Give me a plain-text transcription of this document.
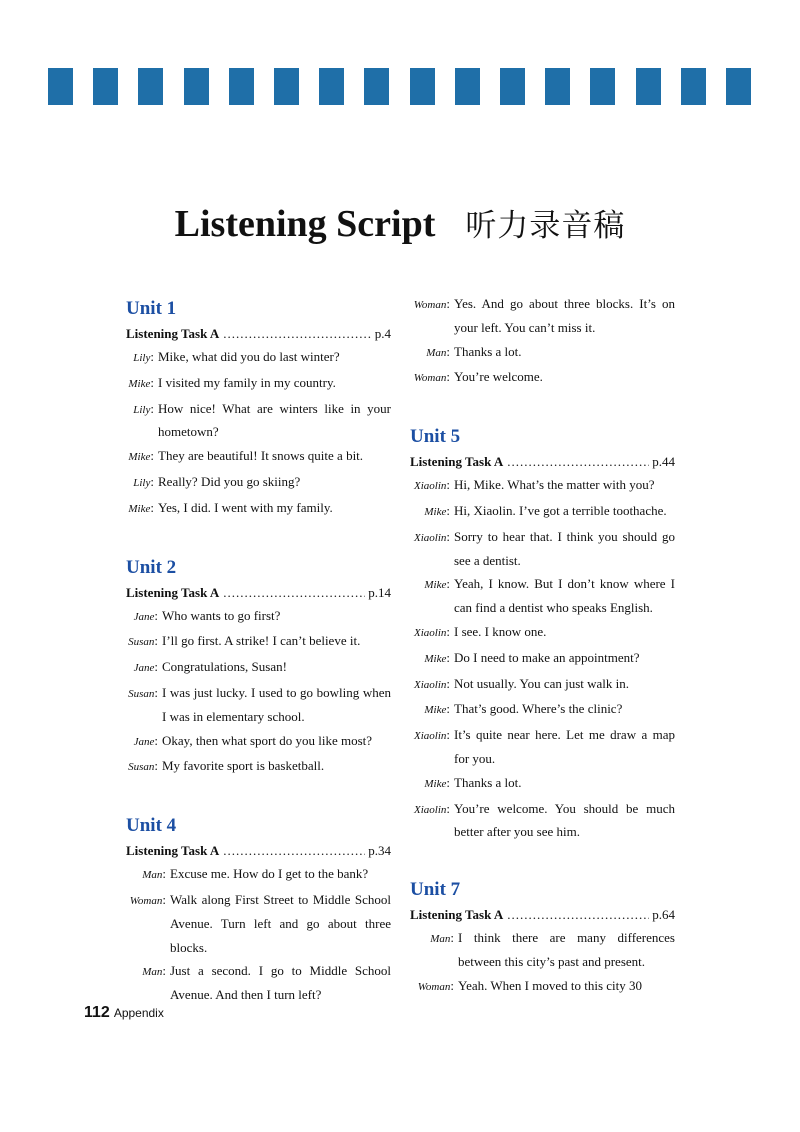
Listening Script 听力录音稿
Unit 1
Listening Task A .....	p.4
Lily : Mike, what did you do last winter?
Mike : I visited my family in my country.
Lily : How nice! What are winters like in your hometown?
Mike : They are beautiful! It snows quite a bit.
Lily : Really? Did you go skiing?
Mike : Yes, I did. I went with my family.
Unit 2
Listening Task A .....	p.14
Jane : Who wants to go first?
Susan : I’ll go first. A strike! I can’t believe it.
Jane : Congratulations, Susan!
Susan : I was just lucky. I used to go bowling when I was in elementary school.
Jane : Okay, then what sport do you like most?
Susan : My favorite sport is basketball.
Unit 4
Listening Task A .....	p.34
Man : Excuse me. How do I get to the bank?
Woman : Walk along First Street to Middle School Avenue. Turn left and go about three blocks.
Man : Just a second. I go to Middle School Avenue. And then I turn left?
Woman : Yes. And go about three blocks. It’s on your left. You can’t miss it.
Man : Thanks a lot.
Woman : You’re welcome.
Unit 5
Listening Task A .....	p.44
Xiaolin : Hi, Mike. What’s the matter with you?
Mike : Hi, Xiaolin. I’ve got a terrible toothache.
Xiaolin : Sorry to hear that. I think you should go see a dentist.
Mike : Yeah, I know. But I don’t know where I can find a dentist who speaks English.
Xiaolin : I see. I know one.
Mike : Do I need to make an appointment?
Xiaolin : Not usually. You can just walk in.
Mike : That’s good. Where’s the clinic?
Xiaolin : It’s quite near here. Let me draw a map for you.
Mike : Thanks a lot.
Xiaolin : You’re welcome. You should be much better after you see him.
Unit 7
Listening Task A .....	p.64
Man : I think there are many differences between this city’s past and present.
Woman : Yeah. When I moved to this city 30
112 Appendix
